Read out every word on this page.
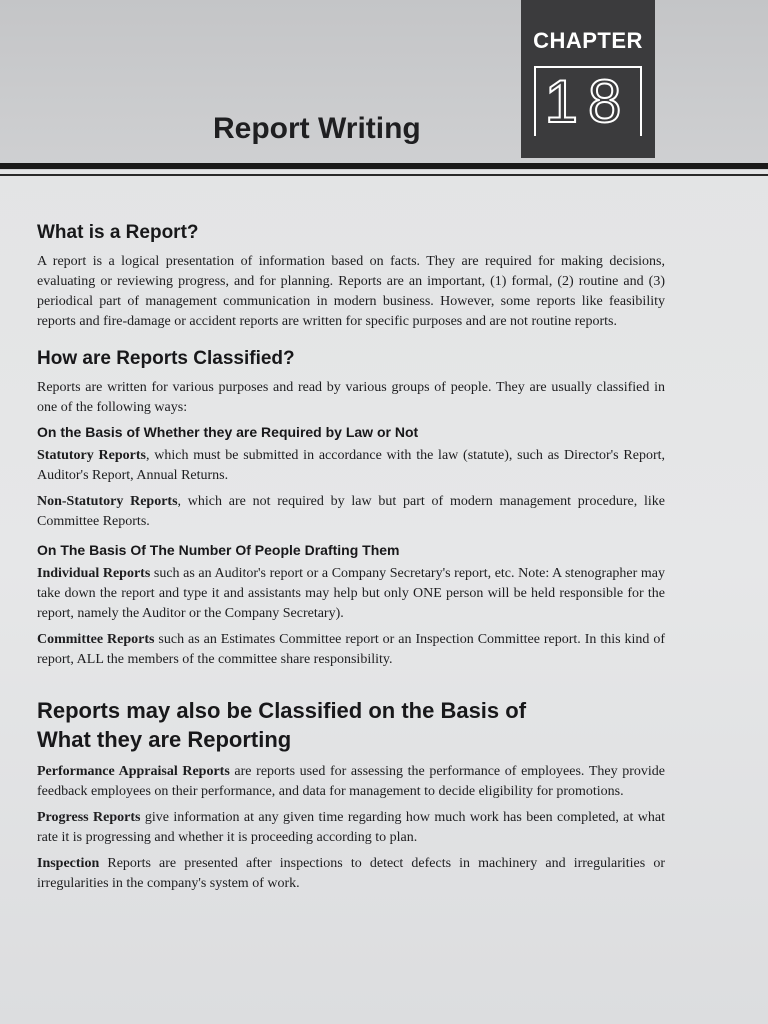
CHAPTER
18
Report Writing
What is a Report?

A report is a logical presentation of information based on facts. They are required for making decisions, evaluating or reviewing progress, and for planning. Reports are an important, (1) formal, (2) routine and (3) periodical part of management communication in modern business. However, some reports like feasibility reports and fire-damage or accident reports are written for specific purposes and are not routine reports.

How are Reports Classified?

Reports are written for various purposes and read by various groups of people. They are usually classified in one of the following ways:

On the Basis of Whether they are Required by Law or Not

Statutory Reports, which must be submitted in accordance with the law (statute), such as Director's Report, Auditor's Report, Annual Returns.

Non-Statutory Reports, which are not required by law but part of modern management procedure, like Committee Reports.

On The Basis Of The Number Of People Drafting Them

Individual Reports such as an Auditor's report or a Company Secretary's report, etc. Note: A stenographer may take down the report and type it and assistants may help but only ONE person will be held responsible for the report, namely the Auditor or the Company Secretary).

Committee Reports such as an Estimates Committee report or an Inspection Committee report. In this kind of report, ALL the members of the committee share responsibility.

Reports may also be Classified on the Basis of
What they are Reporting

Performance Appraisal Reports are reports used for assessing the performance of employees. They provide feedback employees on their performance, and data for management to decide eligibility for promotions.

Progress Reports give information at any given time regarding how much work has been completed, at what rate it is progressing and whether it is proceeding according to plan.

Inspection Reports are presented after inspections to detect defects in machinery and irregularities or irregularities in the company's system of work.
